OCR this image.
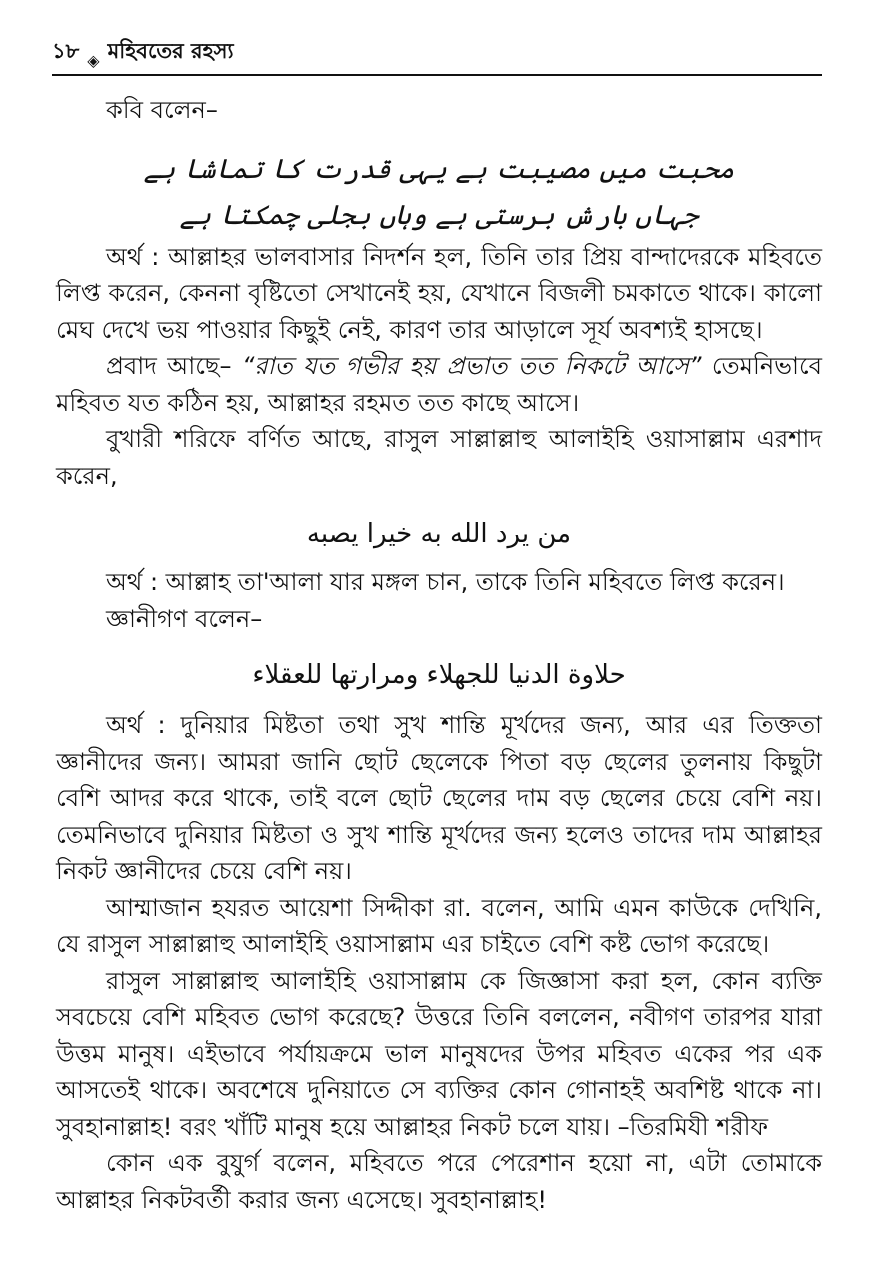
১৮ ◈ মহিবতের রহস্য

কবি বলেন–

محبت میں مصیبت ہے یہی قدرت کا تماشا ہے

جہاں بارش برستی ہے وہاں بجلی چمکتا ہے

অর্থ : আল্লাহর ভালবাসার নিদর্শন হল, তিনি তার প্রিয় বান্দাদেরকে মহিবতে লিপ্ত করেন, কেননা বৃষ্টিতো সেখানেই হয়, যেখানে বিজলী চমকাতে থাকে। কালো মেঘ দেখে ভয় পাওয়ার কিছুই নেই, কারণ তার আড়ালে সূর্য অবশ্যই হাসছে।

প্রবাদ আছে– “রাত যত গভীর হয় প্রভাত তত নিকটে আসে” তেমনিভাবে মহিবত যত কঠিন হয়, আল্লাহর রহমত তত কাছে আসে।

বুখারী শরিফে বর্ণিত আছে, রাসুল সাল্লাল্লাহু আলাইহি ওয়াসাল্লাম এরশাদ করেন,

من يرد الله به خيرا يصبه

অর্থ : আল্লাহ তা'আলা যার মঙ্গল চান, তাকে তিনি মহিবতে লিপ্ত করেন।

জ্ঞানীগণ বলেন–

حلاوة الدنيا للجهلاء ومرارتها للعقلاء

অর্থ : দুনিয়ার মিষ্টতা তথা সুখ শান্তি মূর্খদের জন্য, আর এর তিক্ততা জ্ঞানীদের জন্য। আমরা জানি ছোট ছেলেকে পিতা বড় ছেলের তুলনায় কিছুটা বেশি আদর করে থাকে, তাই বলে ছোট ছেলের দাম বড় ছেলের চেয়ে বেশি নয়। তেমনিভাবে দুনিয়ার মিষ্টতা ও সুখ শান্তি মূর্খদের জন্য হলেও তাদের দাম আল্লাহর নিকট জ্ঞানীদের চেয়ে বেশি নয়।

আম্মাজান হযরত আয়েশা সিদ্দীকা রা. বলেন, আমি এমন কাউকে দেখিনি, যে রাসুল সাল্লাল্লাহু আলাইহি ওয়াসাল্লাম এর চাইতে বেশি কষ্ট ভোগ করেছে।

রাসুল সাল্লাল্লাহু আলাইহি ওয়াসাল্লাম কে জিজ্ঞাসা করা হল, কোন ব্যক্তি সবচেয়ে বেশি মহিবত ভোগ করেছে? উত্তরে তিনি বললেন, নবীগণ তারপর যারা উত্তম মানুষ। এইভাবে পর্যায়ক্রমে ভাল মানুষদের উপর মহিবত একের পর এক আসতেই থাকে। অবশেষে দুনিয়াতে সে ব্যক্তির কোন গোনাহই অবশিষ্ট থাকে না। সুবহানাল্লাহ! বরং খাঁটি মানুষ হয়ে আল্লাহর নিকট চলে যায়। –তিরমিযী শরীফ

কোন এক বুযুর্গ বলেন, মহিবতে পরে পেরেশান হয়ো না, এটা তোমাকে আল্লাহর নিকটবর্তী করার জন্য এসেছে। সুবহানাল্লাহ!
